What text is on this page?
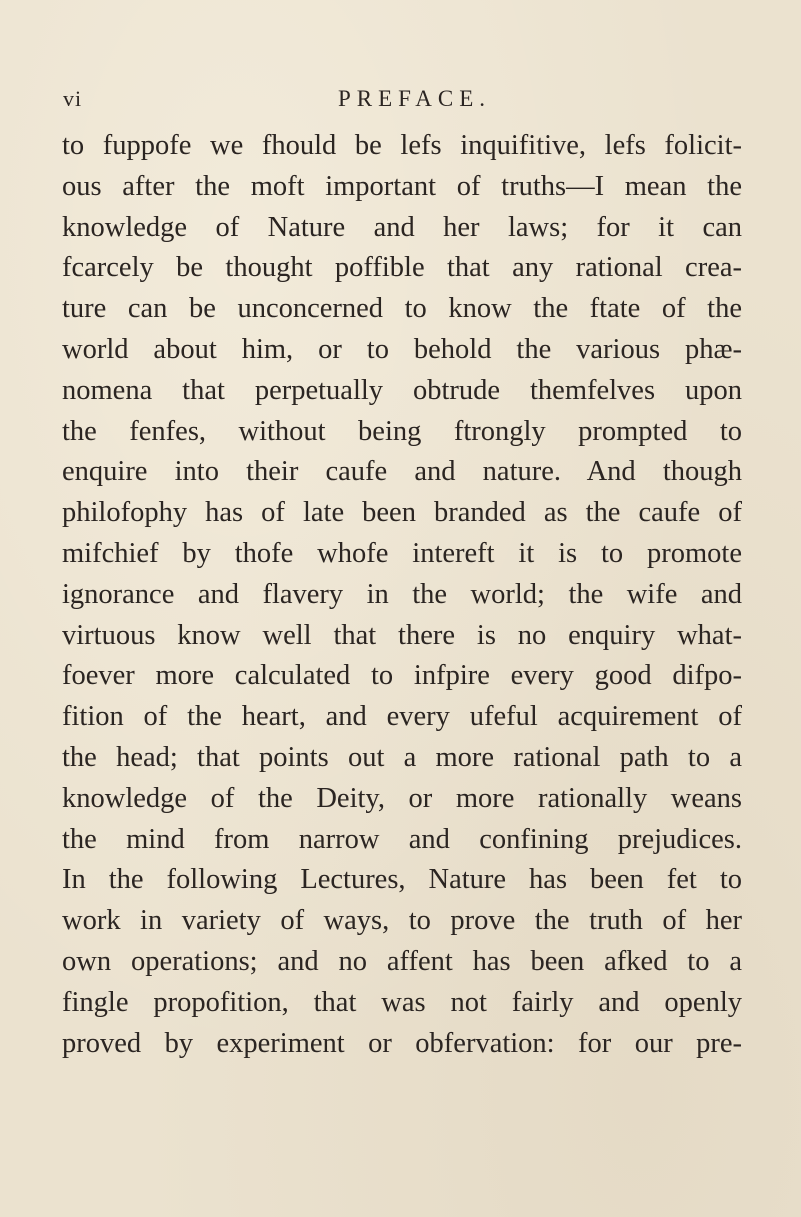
vi	PREFACE.
to fuppofe we fhould be lefs inquifitive, lefs folicit-
ous after the moft important of truths—I mean the
knowledge of Nature and her laws; for it can
fcarcely be thought poffible that any rational crea-
ture can be unconcerned to know the ftate of the
world about him, or to behold the various phæ-
nomena that perpetually obtrude themfelves upon
the fenfes, without being ftrongly prompted to
enquire into their caufe and nature. And though
philofophy has of late been branded as the caufe of
mifchief by thofe whofe intereft it is to promote
ignorance and flavery in the world; the wife and
virtuous know well that there is no enquiry what-
foever more calculated to infpire every good difpo-
fition of the heart, and every ufeful acquirement of
the head; that points out a more rational path to a
knowledge of the Deity, or more rationally weans
the mind from narrow and confining prejudices.
In the following Lectures, Nature has been fet to
work in variety of ways, to prove the truth of her
own operations; and no affent has been afked to a
fingle propofition, that was not fairly and openly
proved by experiment or obfervation: for our pre-
